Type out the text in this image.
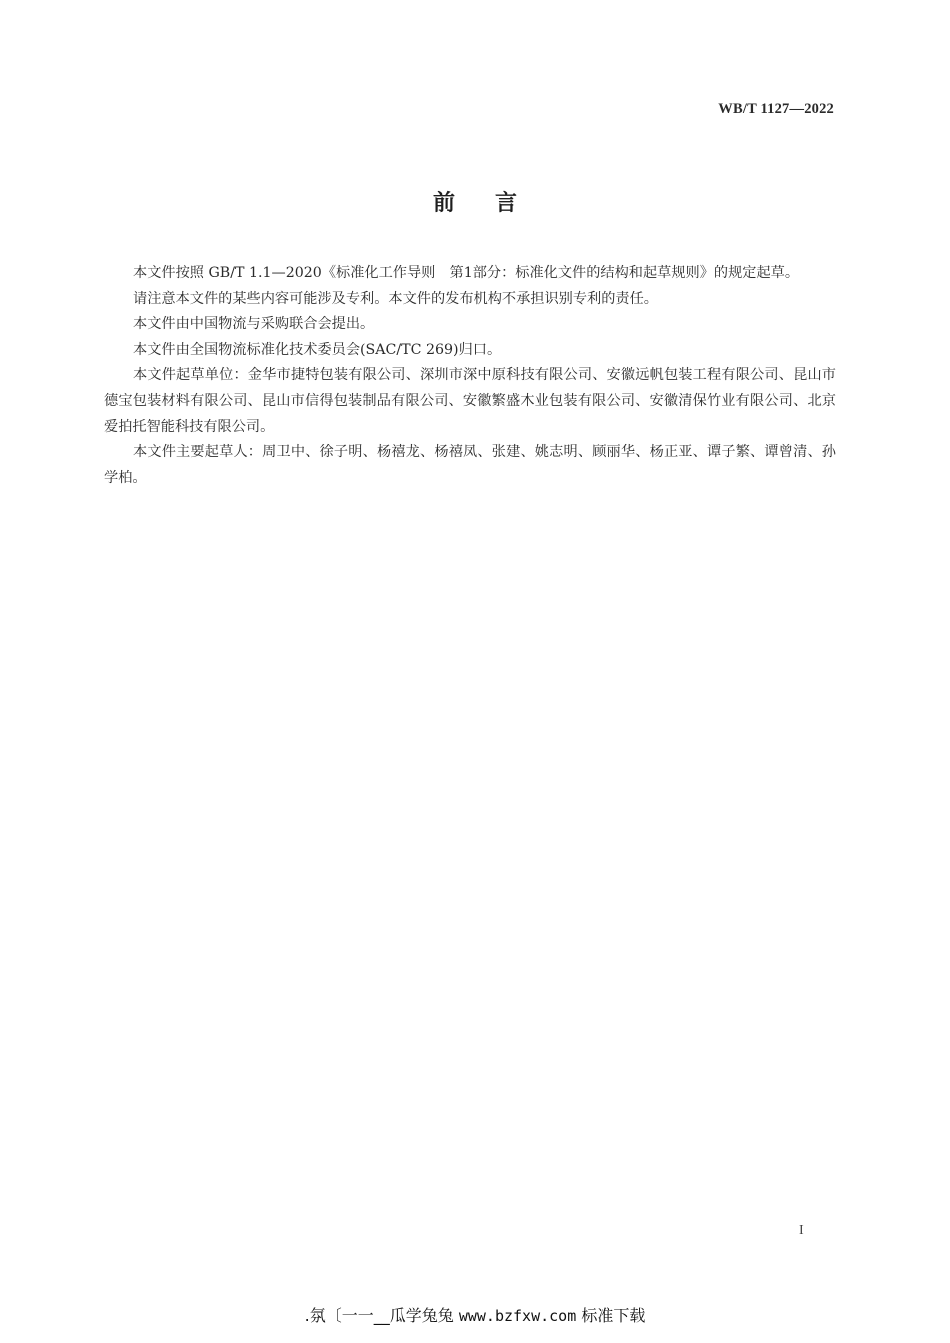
WB/T 1127—2022
前言

本文件按照 GB/T 1.1—2020《标准化工作导则　第1部分：标准化文件的结构和起草规则》的规定起草。

请注意本文件的某些内容可能涉及专利。本文件的发布机构不承担识别专利的责任。

本文件由中国物流与采购联合会提出。

本文件由全国物流标准化技术委员会(SAC/TC 269)归口。

本文件起草单位：金华市捷特包装有限公司、深圳市深中原科技有限公司、安徽远帆包装工程有限公司、昆山市德宝包装材料有限公司、昆山市信得包装制品有限公司、安徽繁盛木业包装有限公司、安徽清保竹业有限公司、北京爱拍托智能科技有限公司。

本文件主要起草人：周卫中、徐子明、杨禧龙、杨禧凤、张建、姚志明、顾丽华、杨正亚、谭子繁、谭曾清、孙学柏。

I
.氛〔一一__瓜学兔兔 www.bzfxw.com 标准下载
